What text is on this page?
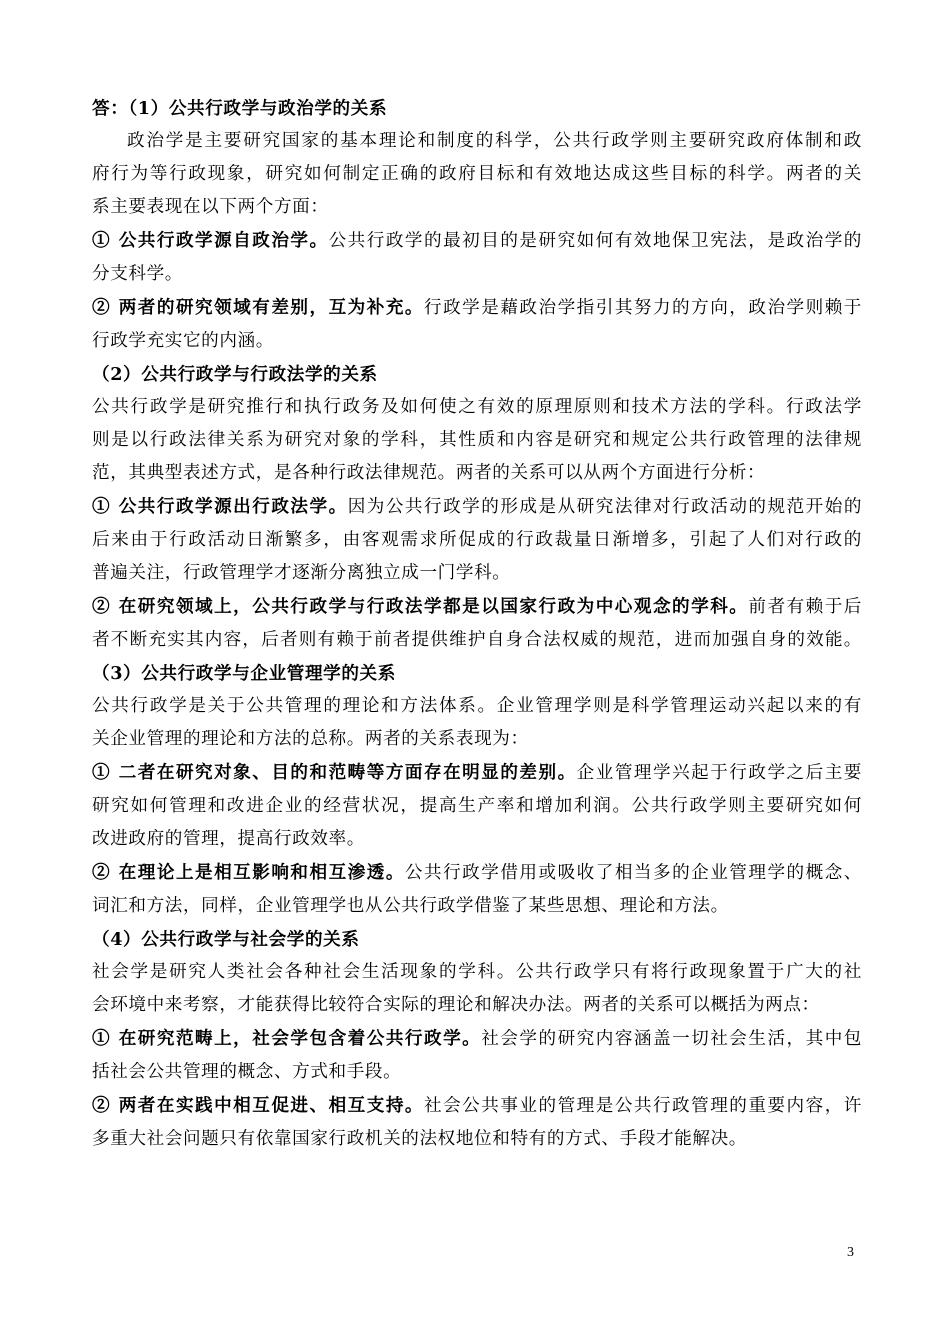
答：（1）公共行政学与政治学的关系

政治学是主要研究国家的基本理论和制度的科学，公共行政学则主要研究政府体制和政

府行为等行政现象，研究如何制定正确的政府目标和有效地达成这些目标的科学。两者的关

系主要表现在以下两个方面：

① 公共行政学源自政治学。公共行政学的最初目的是研究如何有效地保卫宪法，是政治学的

分支科学。

② 两者的研究领域有差别，互为补充。行政学是藉政治学指引其努力的方向，政治学则赖于

行政学充实它的内涵。

（2）公共行政学与行政法学的关系

公共行政学是研究推行和执行政务及如何使之有效的原理原则和技术方法的学科。行政法学

则是以行政法律关系为研究对象的学科，其性质和内容是研究和规定公共行政管理的法律规

范，其典型表述方式，是各种行政法律规范。两者的关系可以从两个方面进行分析：

① 公共行政学源出行政法学。因为公共行政学的形成是从研究法律对行政活动的规范开始的

后来由于行政活动日渐繁多，由客观需求所促成的行政裁量日渐增多，引起了人们对行政的

普遍关注，行政管理学才逐渐分离独立成一门学科。

② 在研究领域上，公共行政学与行政法学都是以国家行政为中心观念的学科。前者有赖于后

者不断充实其内容，后者则有赖于前者提供维护自身合法权威的规范，进而加强自身的效能。

（3）公共行政学与企业管理学的关系

公共行政学是关于公共管理的理论和方法体系。企业管理学则是科学管理运动兴起以来的有

关企业管理的理论和方法的总称。两者的关系表现为：

① 二者在研究对象、目的和范畴等方面存在明显的差别。企业管理学兴起于行政学之后主要

研究如何管理和改进企业的经营状况，提高生产率和增加利润。公共行政学则主要研究如何

改进政府的管理，提高行政效率。

② 在理论上是相互影响和相互渗透。公共行政学借用或吸收了相当多的企业管理学的概念、

词汇和方法，同样，企业管理学也从公共行政学借鉴了某些思想、理论和方法。

（4）公共行政学与社会学的关系

社会学是研究人类社会各种社会生活现象的学科。公共行政学只有将行政现象置于广大的社

会环境中来考察，才能获得比较符合实际的理论和解决办法。两者的关系可以概括为两点：

① 在研究范畴上，社会学包含着公共行政学。社会学的研究内容涵盖一切社会生活，其中包

括社会公共管理的概念、方式和手段。

② 两者在实践中相互促进、相互支持。社会公共事业的管理是公共行政管理的重要内容，许

多重大社会问题只有依靠国家行政机关的法权地位和特有的方式、手段才能解决。

3
